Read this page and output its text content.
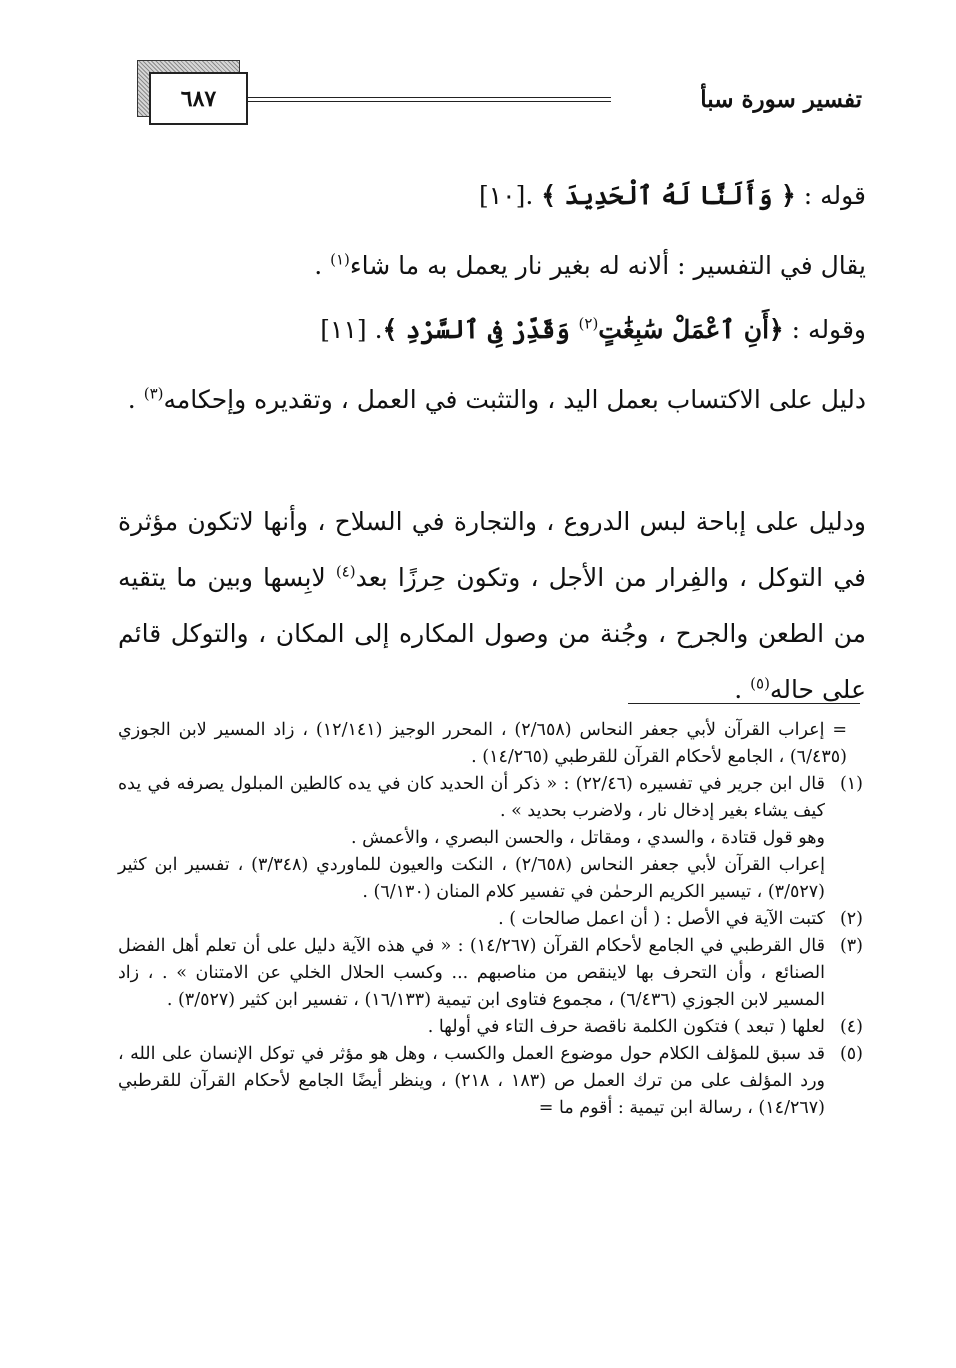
تفسير سورة سبأ
٦٨٧
قوله : ﴿ وَأَلَنَّا لَهُ ٱلْحَدِيدَ ﴾ .[١٠]
يقال في التفسير : ألانه له بغير نار يعمل به ما شاء$^{(١)}$ .
وقوله : ﴿أَنِ ٱعْمَلْ سَٰبِغَٰتٍ$^{(٢)}$ وَقَدِّرْ فِى ٱلسَّرْدِ ﴾. [١١]
دليل على الاكتساب بعمل اليد ، والتثبت في العمل ، وتقديره وإحكامه$^{(٣)}$ .
ودليل على إباحة لبس الدروع ، والتجارة في السلاح ، وأنها لاتكون مؤثرة في التوكل ، والفِرار من الأجل ، وتكون حِرزًا بعد$^{(٤)}$ لابِسها وبين ما يتقيه من الطعن والجرح ، وجُنة من وصول المكاره إلى المكان ، والتوكل قائم على حاله$^{(٥)}$ .

= إعراب القرآن لأبي جعفر النحاس (٢/٦٥٨) ، المحرر الوجيز (١٢/١٤١) ، زاد المسير لابن الجوزي (٦/٤٣٥) ، الجامع لأحكام القرآن للقرطبي (١٤/٢٦٥) .

(١)
قال ابن جرير في تفسيره (٢٢/٤٦) : « ذكر أن الحديد كان في يده كالطين المبلول يصرفه في يده كيف يشاء بغير إدخال نار ، ولاضرب بحديد » .

وهو قول قتادة ، والسدي ، ومقاتل ، والحسن البصري ، والأعمش .

إعراب القرآن لأبي جعفر النحاس (٢/٦٥٨) ، النكت والعيون للماوردي (٣/٣٤٨) ، تفسير ابن كثير (٣/٥٢٧) ، تيسير الكريم الرحمٰن في تفسير كلام المنان (٦/١٣٠) .

(٢)
كتبت الآية في الأصل : ( أن اعمل صالحات ) .
(٣)
قال القرطبي في الجامع لأحكام القرآن (١٤/٢٦٧) : « في هذه الآية دليل على أن تعلم أهل الفضل الصنائع ، وأن التحرف بها لاينقص من مناصبهم ... وكسب الحلال الخلي عن الامتنان » . ، زاد المسير لابن الجوزي (٦/٤٣٦) ، مجموع فتاوى ابن تيمية (١٦/١٣٣) ، تفسير ابن كثير (٣/٥٢٧) .
(٤)
لعلها ( تبعد ) فتكون الكلمة ناقصة حرف التاء في أولها .
(٥)
قد سبق للمؤلف الكلام حول موضوع العمل والكسب ، وهل هو مؤثر في توكل الإنسان على الله ، ورد المؤلف على من ترك العمل ص (١٨٣ ، ٢١٨) ، وينظر أيضًا الجامع لأحكام القرآن للقرطبي (١٤/٢٦٧) ، رسالة ابن تيمية : أقوم ما =
